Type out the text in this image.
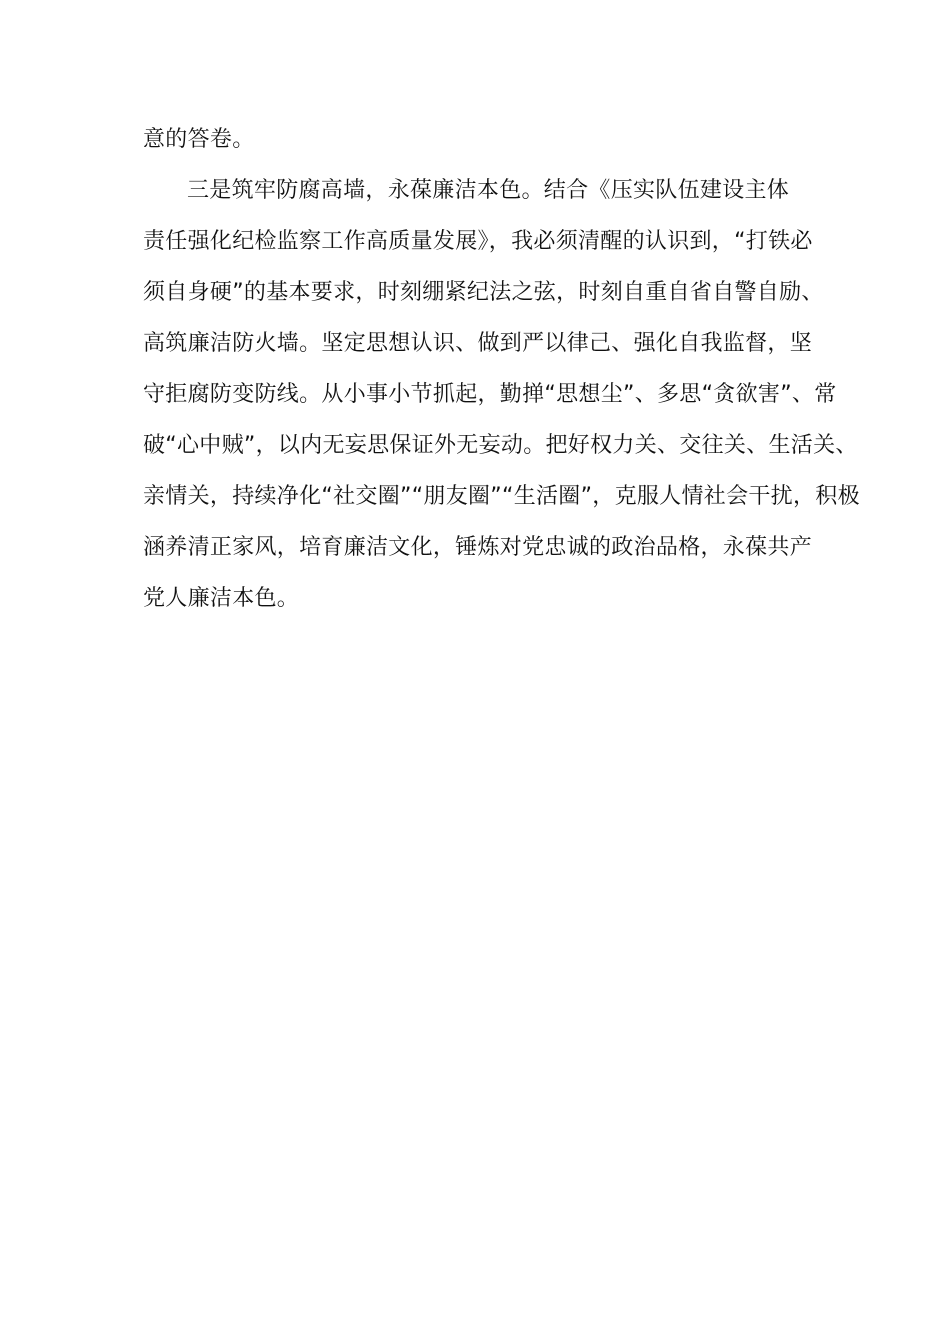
意的答卷。
三是筑牢防腐高墙，永葆廉洁本色。结合《压实队伍建设主体
责任强化纪检监察工作高质量发展》，我必须清醒的认识到，“打铁必
须自身硬”的基本要求，时刻绷紧纪法之弦，时刻自重自省自警自励、
高筑廉洁防火墙。坚定思想认识、做到严以律己、强化自我监督，坚
守拒腐防变防线。从小事小节抓起，勤掸“思想尘”、多思“贪欲害”、常
破“心中贼”，以内无妄思保证外无妄动。把好权力关、交往关、生活关、
亲情关，持续净化“社交圈”“朋友圈”“生活圈”，克服人情社会干扰，积极
涵养清正家风，培育廉洁文化，锤炼对党忠诚的政治品格，永葆共产
党人廉洁本色。
